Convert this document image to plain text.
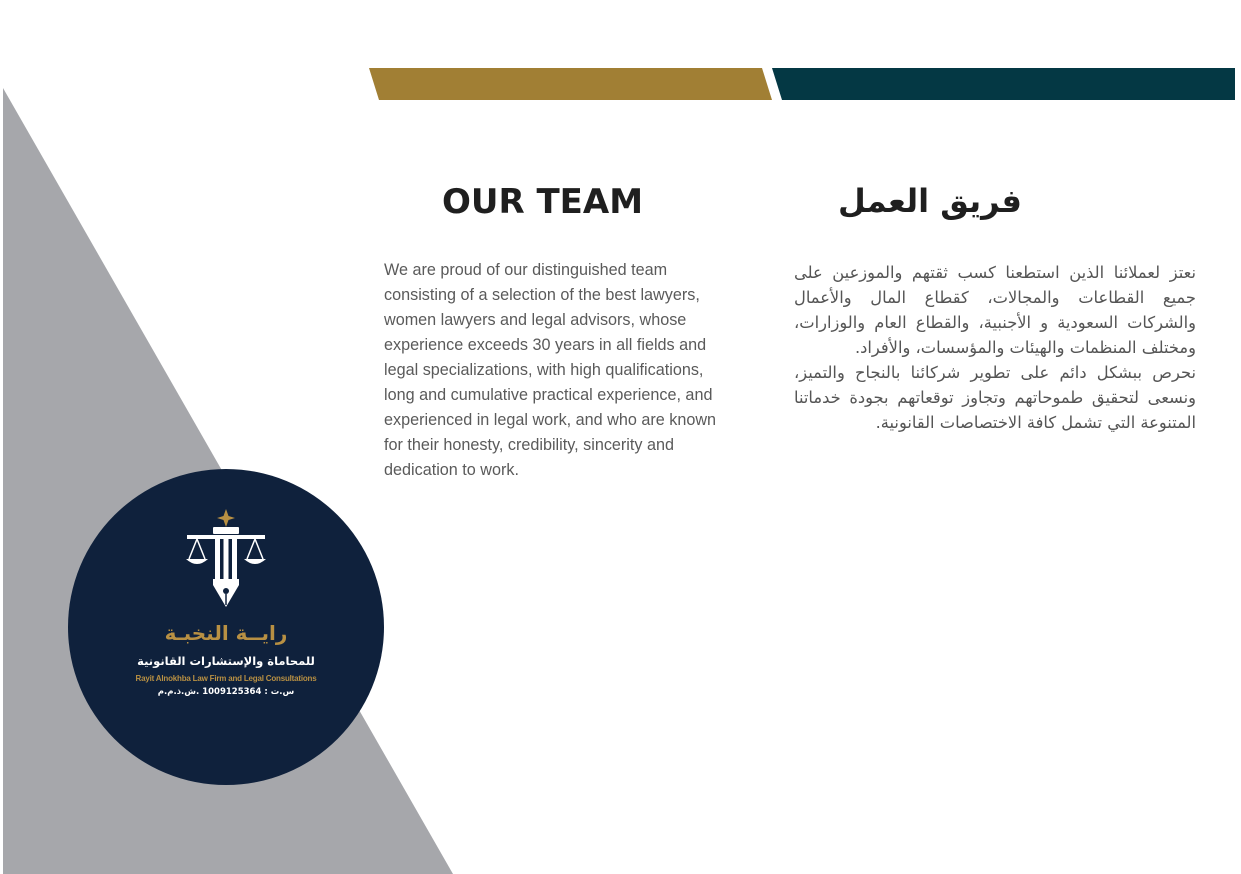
OUR TEAM	فريق العمل

We are proud of our distinguished team consisting of a selection of the best lawyers, women lawyers and legal advisors, whose experience exceeds 30 years in all fields and legal specializations, with high qualifications, long and cumulative practical experience, and experienced in legal work, and who are known for their honesty, credibility, sincerity and dedication to work.

نعتز لعملائنا الذين استطعنا كسب ثقتهم والموزعين على جميع القطاعات والمجالات، كقطاع المال والأعمال والشركات السعودية و الأجنبية، والقطاع العام والوزارات، ومختلف المنظمات والهيئات والمؤسسات، والأفراد.

نحرص ببشكل دائم على تطوير شركائنا بالنجاح والتميز، ونسعى لتحقيق طموحاتهم وتجاوز توقعاتهم بجودة خدماتنا المتنوعة التي تشمل كافة الاختصاصات القانونية.

رايــة النخبـة
للمحاماة والإستشارات القانونية
Rayit Alnokhba Law Firm and Legal Consultations
س.ت : 1009125364 .ش.ذ.م.م
